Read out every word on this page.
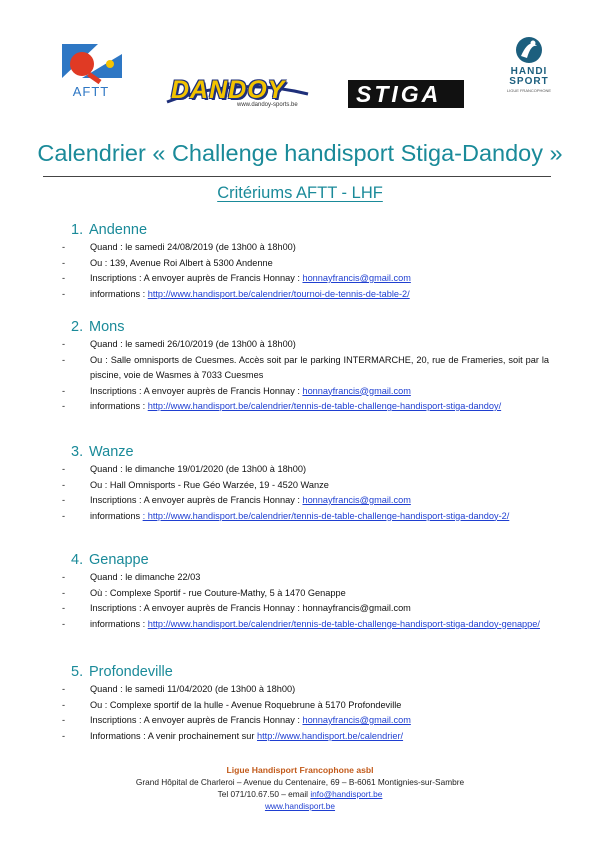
AFTT	DANDOY
www.dandoy-sports.be	STIGA
HANDI
SPORT
LIGUE FRANCOPHONE
Calendrier « Challenge handisport Stiga-Dandoy »
Critériums AFTT - LHF
1. Andenne
-	Quand : le samedi 24/08/2019 (de 13h00 à 18h00)
-	Ou : 139, Avenue Roi Albert à 5300 Andenne
-	Inscriptions : A envoyer auprès de Francis Honnay : honnayfrancis@gmail.com
-	informations : http://www.handisport.be/calendrier/tournoi-de-tennis-de-table-2/
2. Mons
-	Quand : le samedi 26/10/2019 (de 13h00 à 18h00)
-	Ou : Salle omnisports de Cuesmes. Accès soit par le parking INTERMARCHE, 20, rue de Frameries, soit par la piscine, voie de Wasmes à 7033 Cuesmes
-	Inscriptions : A envoyer auprès de Francis Honnay : honnayfrancis@gmail.com
-	informations : http://www.handisport.be/calendrier/tennis-de-table-challenge-handisport-stiga-dandoy/
3. Wanze
-	Quand : le dimanche 19/01/2020 (de 13h00 à 18h00)
-	Ou : Hall Omnisports - Rue Géo Warzée, 19 - 4520 Wanze
-	Inscriptions : A envoyer auprès de Francis Honnay : honnayfrancis@gmail.com
-	informations : http://www.handisport.be/calendrier/tennis-de-table-challenge-handisport-stiga-dandoy-2/
4. Genappe
-	Quand : le dimanche 22/03
-	Où : Complexe Sportif - rue Couture-Mathy, 5 à 1470 Genappe
-	Inscriptions : A envoyer auprès de Francis Honnay : honnayfrancis@gmail.com
-	informations : http://www.handisport.be/calendrier/tennis-de-table-challenge-handisport-stiga-dandoy-genappe/
5. Profondeville
-	Quand : le samedi 11/04/2020 (de 13h00 à 18h00)
-	Ou : Complexe sportif de la hulle - Avenue Roquebrune à 5170 Profondeville
-	Inscriptions : A envoyer auprès de Francis Honnay : honnayfrancis@gmail.com
-	Informations : A venir prochainement sur http://www.handisport.be/calendrier/
Ligue Handisport Francophone asbl
Grand Hôpital de Charleroi – Avenue du Centenaire, 69 – B-6061 Montignies-sur-Sambre
Tel 071/10.67.50 – email info@handisport.be
www.handisport.be
